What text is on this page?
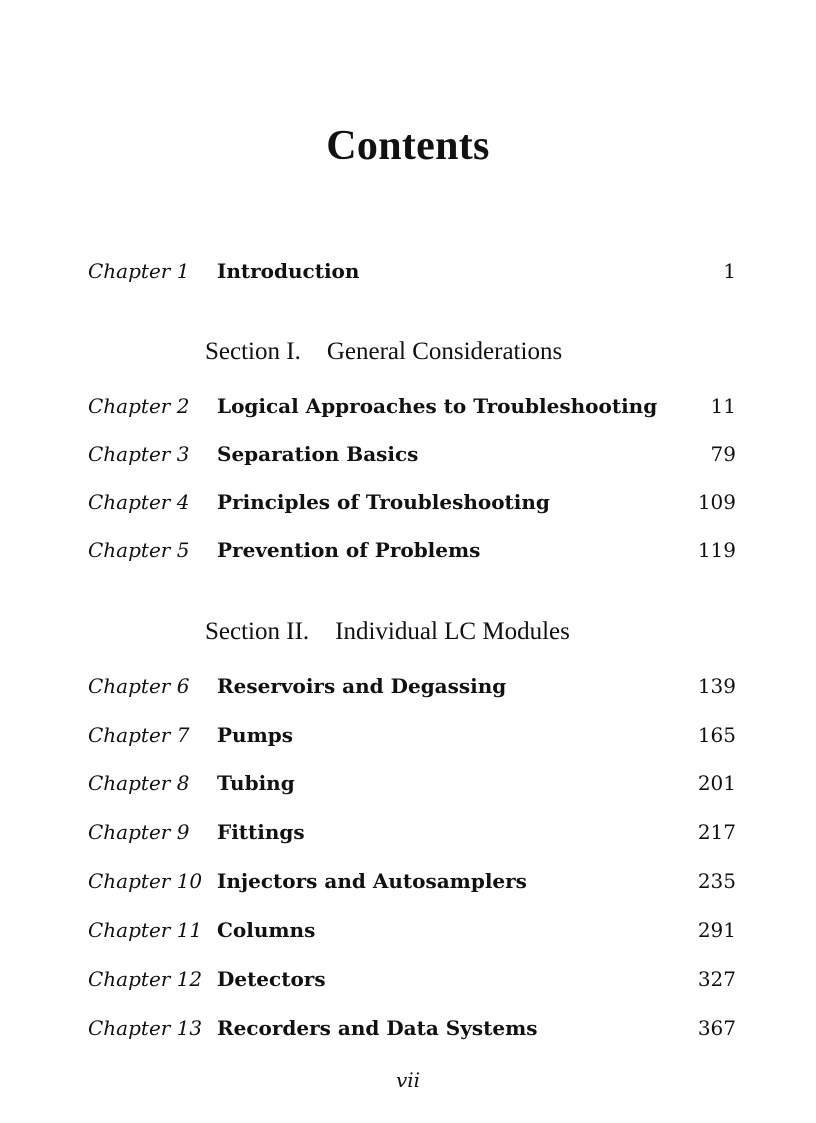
Contents
Chapter 1 Introduction	1
Section I. General Considerations
Chapter 2 Logical Approaches to Troubleshooting	11
Chapter 3 Separation Basics	79
Chapter 4 Principles of Troubleshooting	109
Chapter 5 Prevention of Problems	119
Section II. Individual LC Modules
Chapter 6 Reservoirs and Degassing	139
Chapter 7 Pumps	165
Chapter 8 Tubing	201
Chapter 9 Fittings	217
Chapter 10 Injectors and Autosamplers	235
Chapter 11 Columns	291
Chapter 12 Detectors	327
Chapter 13 Recorders and Data Systems	367
vii
